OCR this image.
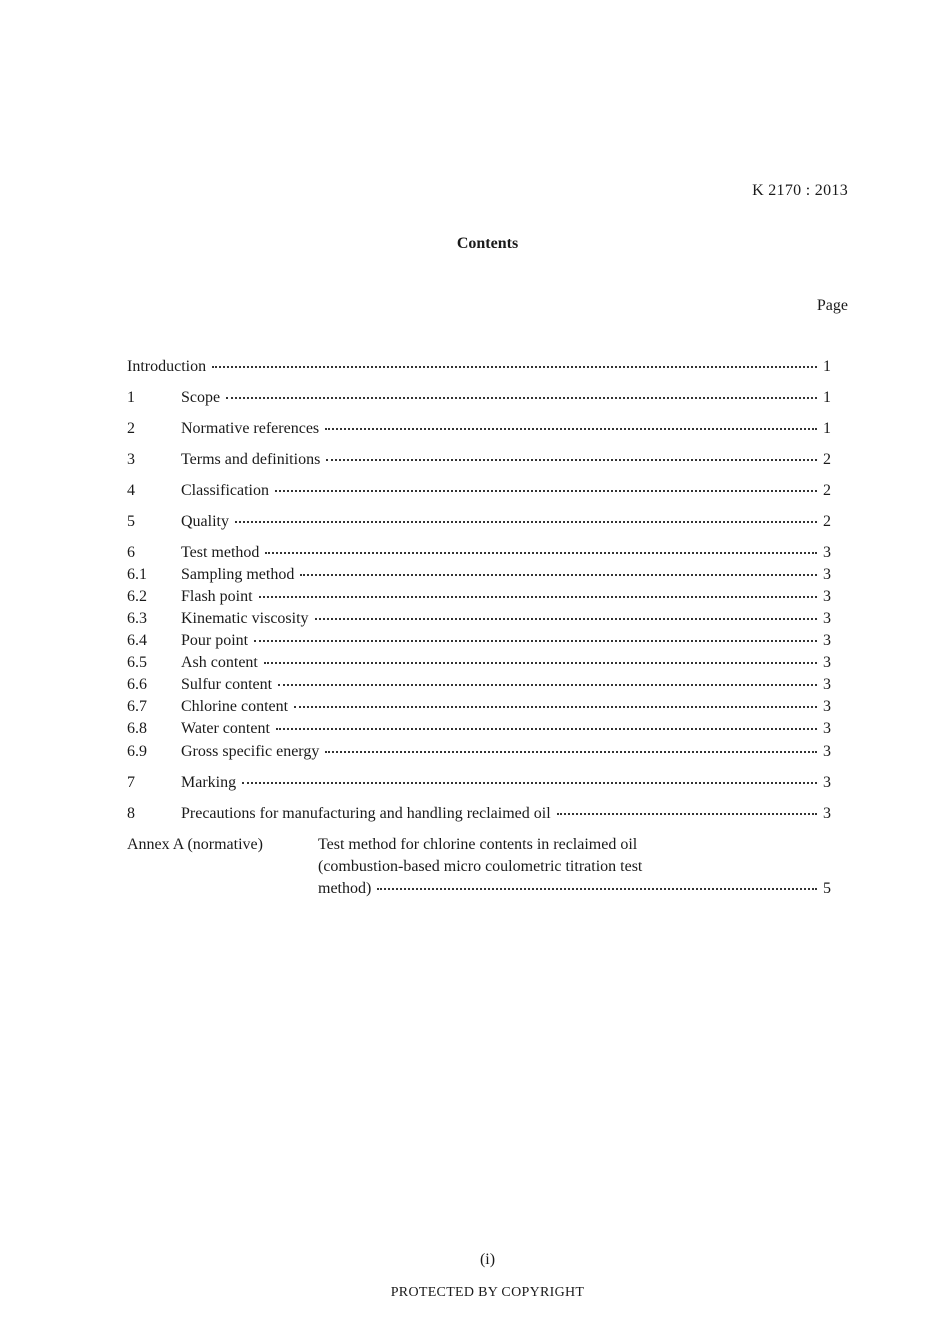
K 2170 : 2013
Contents
Page
Introduction	1
1	Scope	1
2	Normative references	1
3	Terms and definitions	2
4	Classification	2
5	Quality	2
6	Test method	3
6.1	Sampling method	3
6.2	Flash point	3
6.3	Kinematic viscosity	3
6.4	Pour point	3
6.5	Ash content	3
6.6	Sulfur content	3
6.7	Chlorine content	3
6.8	Water content	3
6.9	Gross specific energy	3
7	Marking	3
8	Precautions for manufacturing and handling reclaimed oil	3
Annex A (normative)	Test method for chlorine contents in reclaimed oil
(combustion-based micro coulometric titration test
method)	5
(i)
PROTECTED BY COPYRIGHT
